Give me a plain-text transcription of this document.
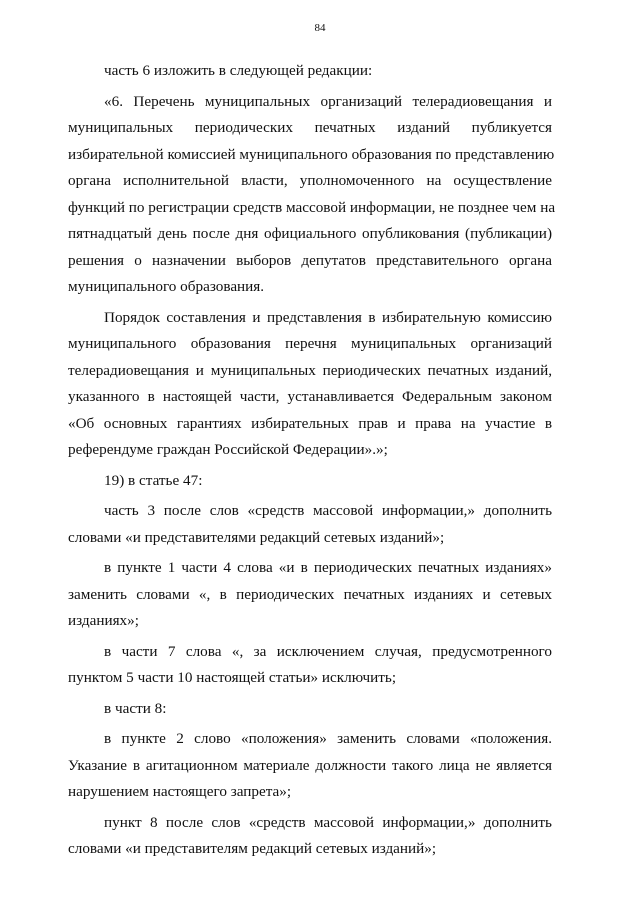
84
часть 6 изложить в следующей редакции:
«6. Перечень муниципальных организаций телерадиовещания и
муниципальных периодических печатных изданий публикуется
избирательной комиссией муниципального образования по представлению
органа исполнительной власти, уполномоченного на осуществление
функций по регистрации средств массовой информации, не позднее чем на
пятнадцатый день после дня официального опубликования (публикации)
решения о назначении выборов депутатов представительного органа
муниципального образования.
Порядок составления и представления в избирательную комиссию
муниципального образования перечня муниципальных организаций
телерадиовещания и муниципальных периодических печатных изданий,
указанного в настоящей части, устанавливается Федеральным законом
«Об основных гарантиях избирательных прав и права на участие в
референдуме граждан Российской Федерации».»;
19) в статье 47:
часть 3 после слов «средств массовой информации,» дополнить
словами «и представителями редакций сетевых изданий»;
в пункте 1 части 4 слова «и в периодических печатных изданиях»
заменить словами «, в периодических печатных изданиях и сетевых
изданиях»;
в части 7 слова «, за исключением случая, предусмотренного
пунктом 5 части 10 настоящей статьи» исключить;
в части 8:
в пункте 2 слово «положения» заменить словами «положения.
Указание в агитационном материале должности такого лица не является
нарушением настоящего запрета»;
пункт 8 после слов «средств массовой информации,» дополнить
словами «и представителям редакций сетевых изданий»;
